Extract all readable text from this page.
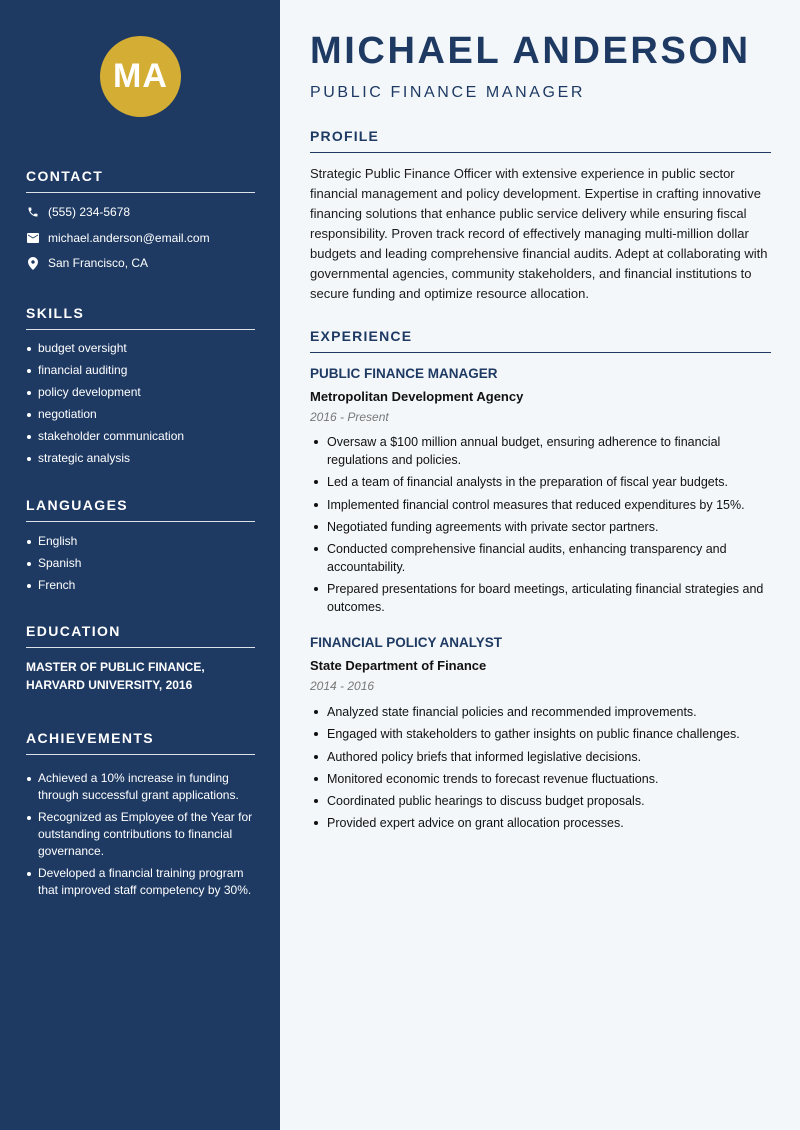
MA
CONTACT
(555) 234-5678
michael.anderson@email.com
San Francisco, CA
SKILLS
budget oversight
financial auditing
policy development
negotiation
stakeholder communication
strategic analysis
LANGUAGES
English
Spanish
French
EDUCATION
MASTER OF PUBLIC FINANCE, HARVARD UNIVERSITY, 2016
ACHIEVEMENTS
Achieved a 10% increase in funding through successful grant applications.
Recognized as Employee of the Year for outstanding contributions to financial governance.
Developed a financial training program that improved staff competency by 30%.
MICHAEL ANDERSON
PUBLIC FINANCE MANAGER
PROFILE
Strategic Public Finance Officer with extensive experience in public sector financial management and policy development. Expertise in crafting innovative financing solutions that enhance public service delivery while ensuring fiscal responsibility. Proven track record of effectively managing multi-million dollar budgets and leading comprehensive financial audits. Adept at collaborating with governmental agencies, community stakeholders, and financial institutions to secure funding and optimize resource allocation.
EXPERIENCE
PUBLIC FINANCE MANAGER
Metropolitan Development Agency
2016 - Present
Oversaw a $100 million annual budget, ensuring adherence to financial regulations and policies.
Led a team of financial analysts in the preparation of fiscal year budgets.
Implemented financial control measures that reduced expenditures by 15%.
Negotiated funding agreements with private sector partners.
Conducted comprehensive financial audits, enhancing transparency and accountability.
Prepared presentations for board meetings, articulating financial strategies and outcomes.
FINANCIAL POLICY ANALYST
State Department of Finance
2014 - 2016
Analyzed state financial policies and recommended improvements.
Engaged with stakeholders to gather insights on public finance challenges.
Authored policy briefs that informed legislative decisions.
Monitored economic trends to forecast revenue fluctuations.
Coordinated public hearings to discuss budget proposals.
Provided expert advice on grant allocation processes.
